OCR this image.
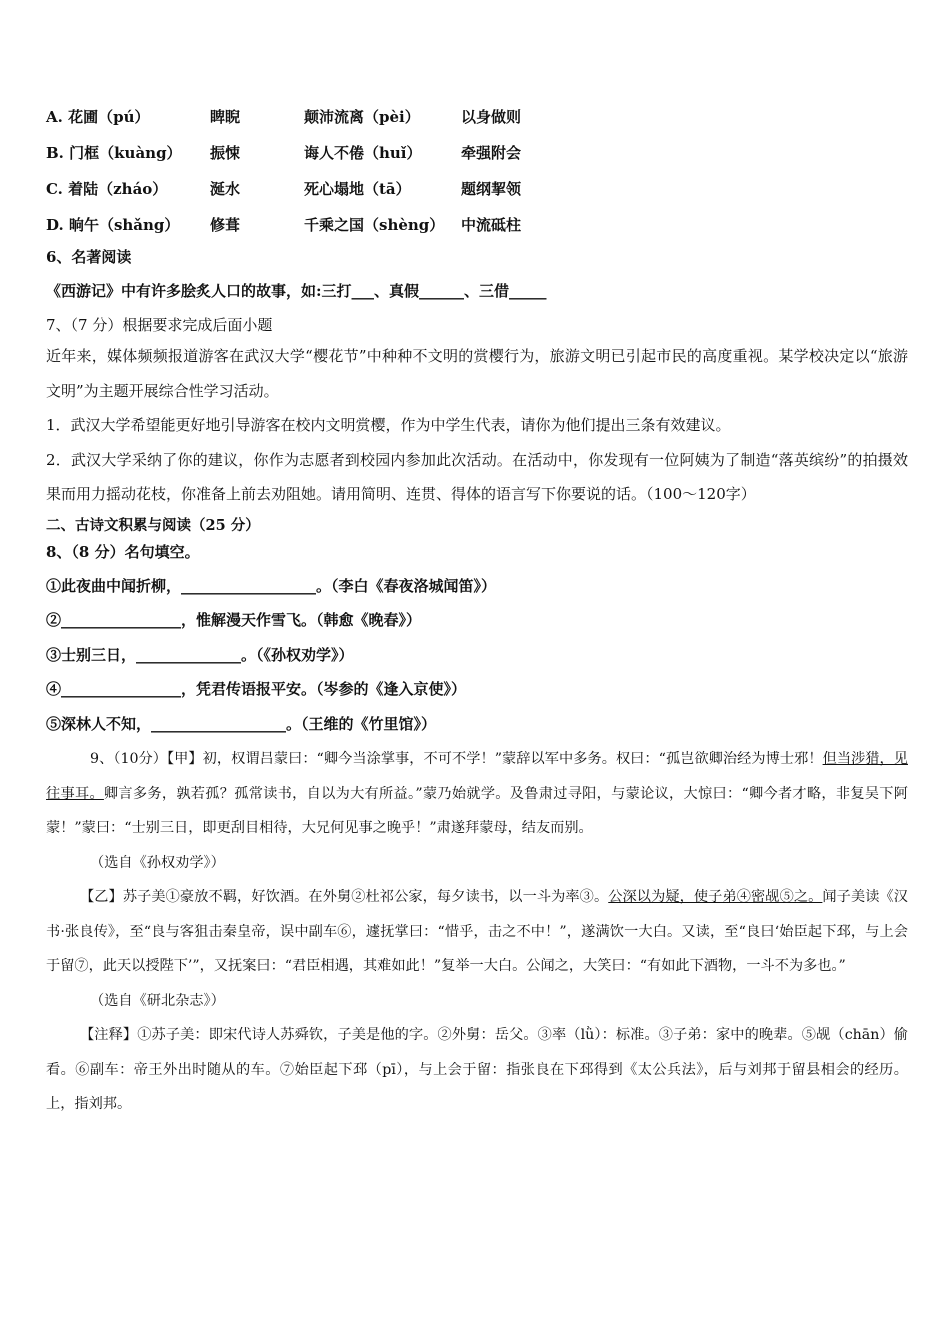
A. 花圃（pú）	睥睨	颠沛流离（pèi）	以身做则
B. 门框（kuàng）	振悚	诲人不倦（huǐ）	牵强附会
C. 着陆（zháo）	涎水	死心塌地（tā）	题纲挈领
D. 晌午（shǎng）	修葺	千乘之国（shèng）	中流砥柱
6、名著阅读
《西游记》中有许多脍炙人口的故事，如:三打___、真假______、三借_____
7、（7 分）根据要求完成后面小题
近年来，媒体频频报道游客在武汉大学“樱花节”中种种不文明的赏樱行为，旅游文明已引起市民的高度重视。某学校决定以“旅游文明”为主题开展综合性学习活动。
1．武汉大学希望能更好地引导游客在校内文明赏樱，作为中学生代表，请你为他们提出三条有效建议。
2．武汉大学采纳了你的建议，你作为志愿者到校园内参加此次活动。在活动中，你发现有一位阿姨为了制造“落英缤纷”的拍摄效果而用力摇动花枝，你准备上前去劝阻她。请用简明、连贯、得体的语言写下你要说的话。（100～120字）
二、古诗文积累与阅读（25 分）
8、（8 分）名句填空。
①此夜曲中闻折柳，__________________。（李白《春夜洛城闻笛》）
②________________，惟解漫天作雪飞。（韩愈《晚春》）
③士别三日，______________。（《孙权劝学》）
④________________，凭君传语报平安。（岑参的《逢入京使》）
⑤深林人不知，__________________。（王维的《竹里馆》）
9、（10分）【甲】初，权谓吕蒙曰：“卿今当涂掌事，不可不学！”蒙辞以军中多务。权曰：“孤岂欲卿治经为博士邪！但当涉猎，见往事耳。卿言多务，孰若孤？孤常读书，自以为大有所益。”蒙乃始就学。及鲁肃过寻阳，与蒙论议，大惊曰：“卿今者才略，非复吴下阿蒙！”蒙曰：“士别三日，即更刮目相待，大兄何见事之晚乎！”肃遂拜蒙母，结友而别。
（选自《孙权劝学》）
【乙】苏子美①豪放不羁，好饮酒。在外舅②杜祁公家，每夕读书，以一斗为率③。公深以为疑，使子弟④密觇⑤之。闻子美读《汉书·张良传》，至“良与客狙击秦皇帝，误中副车⑥，遽抚掌曰：“惜乎，击之不中！”，遂满饮一大白。又读，至“良曰‘始臣起下邳，与上会于留⑦，此天以授陛下’”，又抚案曰：“君臣相遇，其难如此！”复举一大白。公闻之，大笑曰：“有如此下酒物，一斗不为多也。”
（选自《研北杂志》）
【注释】①苏子美：即宋代诗人苏舜钦，子美是他的字。②外舅：岳父。③率（lǜ）：标准。③子弟：家中的晚辈。⑤觇（chān）偷看。⑥副车：帝王外出时随从的车。⑦始臣起下邳（pī），与上会于留：指张良在下邳得到《太公兵法》，后与刘邦于留县相会的经历。上，指刘邦。
